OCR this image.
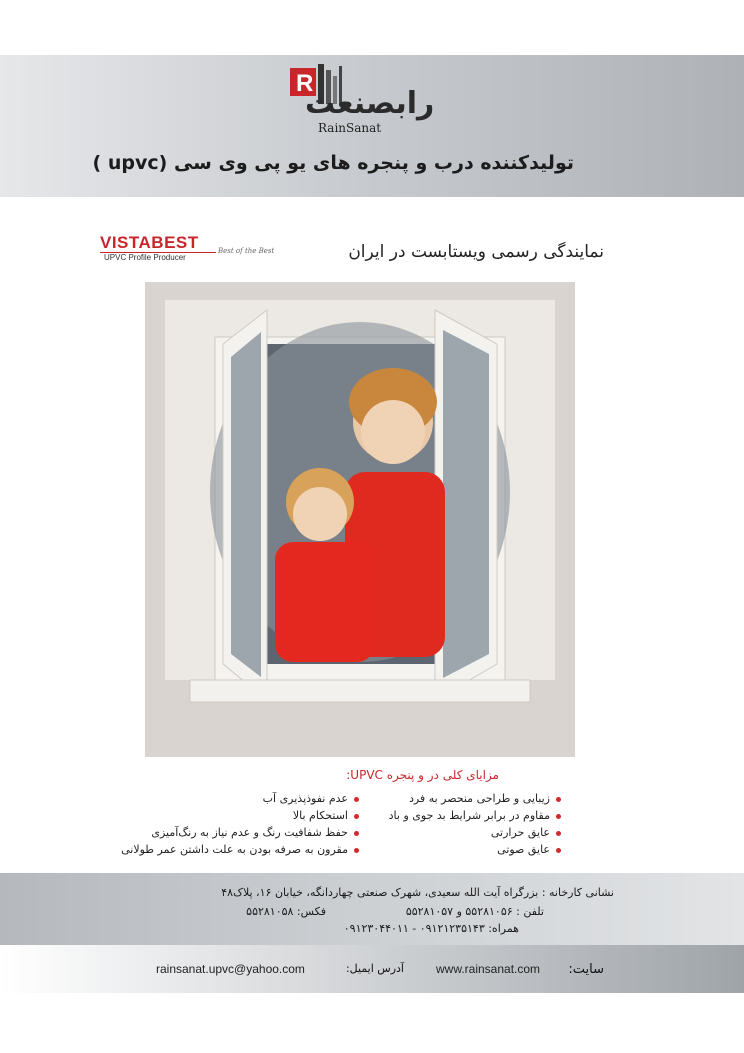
R
رابصنعت
RainSanat
تولیدکننده درب و پنجره های یو پی وی سی (upvc )
VISTABEST
UPVC Profile Producer
Best of the Best	نمایندگی رسمی ویستابست در ایران
مزایای کلی در و پنجره UPVC:
زیبایی و طراحی منحصر به فرد
مقاوم در برابر شرایط بد جوی و باد
عایق حرارتی
عایق صوتی
عدم نفوذپذیری آب
استحکام بالا
حفظ شفافیت رنگ و عدم نیاز به رنگ‌آمیزی
مقرون به صرفه بودن به علت داشتن عمر طولانی
نشانی کارخانه : بزرگراه آیت الله سعیدی، شهرک صنعتی چهاردانگه، خیابان ۱۶، پلاک۴۸
تلفن : ۵۵۲۸۱۰۵۶ و ۵۵۲۸۱۰۵۷
فکس: ۵۵۲۸۱۰۵۸
همراه: ۰۹۱۲۱۲۳۵۱۴۳ - ۰۹۱۲۳۰۴۴۰۱۱
سایت:
www.rainsanat.com
آدرس ایمیل:
rainsanat.upvc@yahoo.com
